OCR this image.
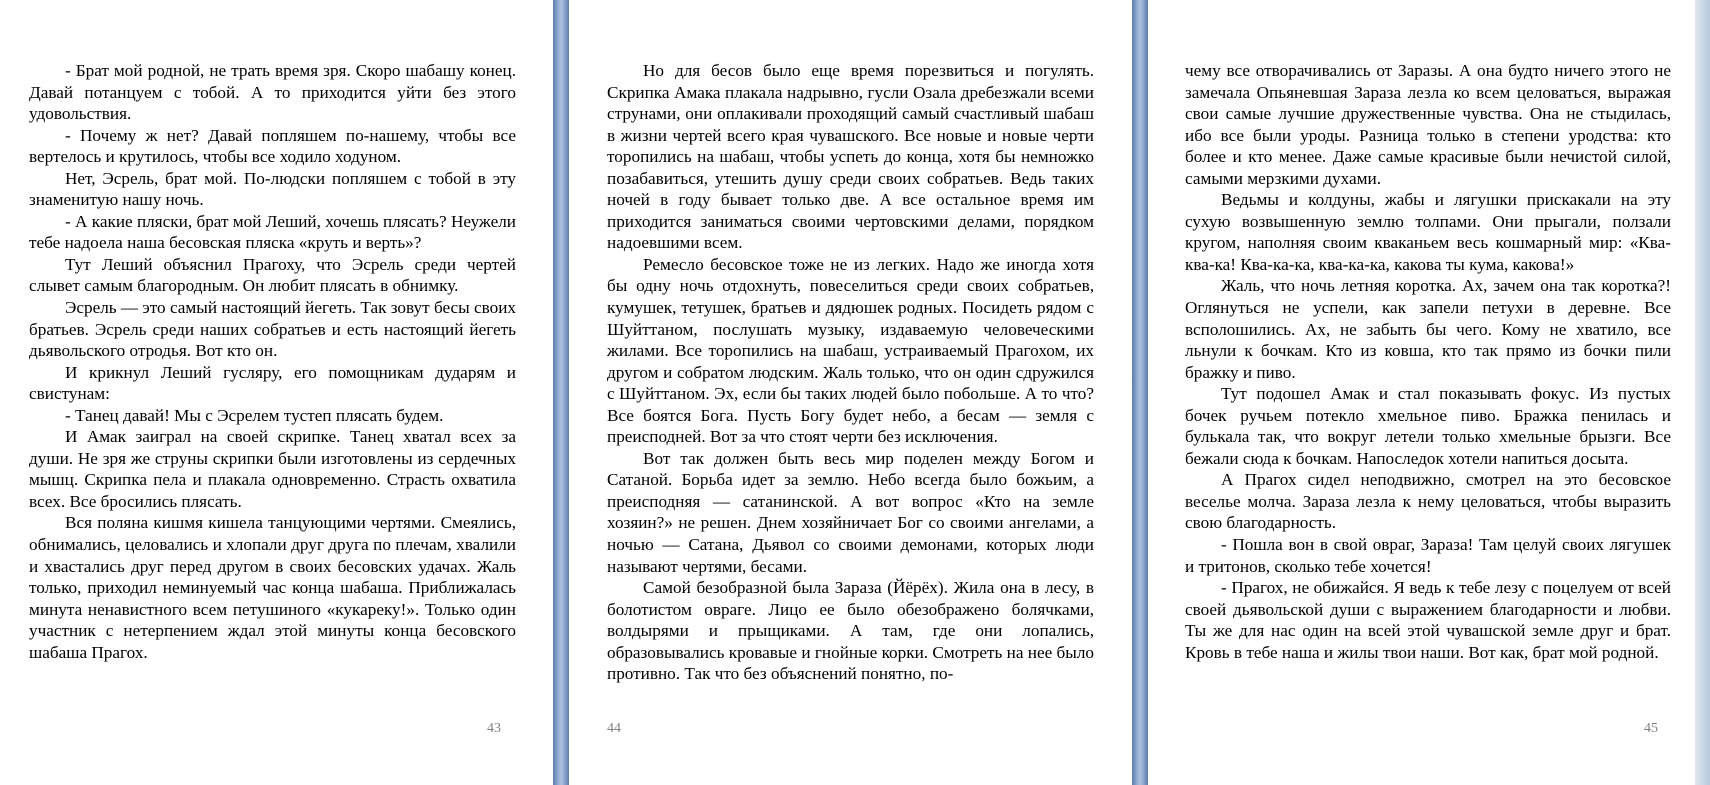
- Брат мой родной, не трать время зря. Скоро шабашу конец. Давай потанцуем с тобой. А то приходится уйти без этого удовольствия.

- Почему ж нет? Давай попляшем по-нашему, чтобы все вертелось и крутилось, чтобы все ходило ходуном.

Нет, Эсрель, брат мой. По-людски попляшем с тобой в эту знаменитую нашу ночь.

- А какие пляски, брат мой Леший, хочешь плясать? Неужели тебе надоела наша бесовская пляска «круть и верть»?

Тут Леший объяснил Прагоху, что Эсрель среди чертей слывет самым благородным. Он любит плясать в обнимку.

Эсрель — это самый настоящий йегеть. Так зовут бесы своих братьев. Эсрель среди наших собратьев и есть настоящий йегеть дьявольского отродья. Вот кто он.

И крикнул Леший гусляру, его помощникам дударям и свистунам:

- Танец давай! Мы с Эсрелем тустеп плясать будем.

И Амак заиграл на своей скрипке. Танец хватал всех за души. Не зря же струны скрипки были изготовлены из сердечных мышц. Скрипка пела и плакала одновременно. Страсть охватила всех. Все бросились плясать.

Вся поляна кишмя кишела танцующими чертями. Смеялись, обнимались, целовались и хлопали друг друга по плечам, хвалили и хвастались друг перед другом в своих бесовских удачах. Жаль только, приходил неминуемый час конца шабаша. Приближалась минута ненавистного всем петушиного «кукареку!». Только один участник с нетерпением ждал этой минуты конца бесовского шабаша Прагох.

43

Но для бесов было еще время порезвиться и погулять. Скрипка Амака плакала надрывно, гусли Озала дребезжали всеми струнами, они оплакивали проходящий самый счастливый шабаш в жизни чертей всего края чувашского. Все новые и новые черти торопились на шабаш, чтобы успеть до конца, хотя бы немножко позабавиться, утешить душу среди своих собратьев. Ведь таких ночей в году бывает только две. А все остальное время им приходится заниматься своими чертовскими делами, порядком надоевшими всем.

Ремесло бесовское тоже не из легких. Надо же иногда хотя бы одну ночь отдохнуть, повеселиться среди своих собратьев, кумушек, тетушек, братьев и дядюшек родных. Посидеть рядом с Шуйттаном, послушать музыку, издаваемую человеческими жилами. Все торопились на шабаш, устраиваемый Прагохом, их другом и собратом людским. Жаль только, что он один сдружился с Шуйттаном. Эх, если бы таких людей было побольше. А то что? Все боятся Бога. Пусть Богу будет небо, а бесам — земля с преисподней. Вот за что стоят черти без исключения.

Вот так должен быть весь мир поделен между Богом и Сатаной. Борьба идет за землю. Небо всегда было божьим, а преисподняя — сатанинской. А вот вопрос «Кто на земле хозяин?» не решен. Днем хозяйничает Бог со своими ангелами, а ночью — Сатана, Дьявол со своими демонами, которых люди называют чертями, бесами.

Самой безобразной была Зараза (Йёрёх). Жила она в лесу, в болотистом овраге. Лицо ее было обезображено болячками, волдырями и прыщиками. А там, где они лопались, образовывались кровавые и гнойные корки. Смотреть на нее было противно. Так что без объяснений понятно, по-

44

чему все отворачивались от Заразы. А она будто ничего этого не замечала Опьяневшая Зараза лезла ко всем целоваться, выражая свои самые лучшие дружественные чувства. Она не стыдилась, ибо все были уроды. Разница только в степени уродства: кто более и кто менее. Даже самые красивые были нечистой силой, самыми мерзкими духами.

Ведьмы и колдуны, жабы и лягушки прискакали на эту сухую возвышенную землю толпами. Они прыгали, ползали кругом, наполняя своим кваканьем весь кошмарный мир: «Ква-ква-ка! Ква-ка-ка, ква-ка-ка, какова ты кума, какова!»

Жаль, что ночь летняя коротка. Ах, зачем она так коротка?! Оглянуться не успели, как запели петухи в деревне. Все всполошились. Ах, не забыть бы чего. Кому не хватило, все льнули к бочкам. Кто из ковша, кто так прямо из бочки пили бражку и пиво.

Тут подошел Амак и стал показывать фокус. Из пустых бочек ручьем потекло хмельное пиво. Бражка пенилась и булькала так, что вокруг летели только хмельные брызги. Все бежали сюда к бочкам. Напоследок хотели напиться досыта.

А Прагох сидел неподвижно, смотрел на это бесовское веселье молча. Зараза лезла к нему целоваться, чтобы выразить свою благодарность.

- Пошла вон в свой овраг, Зараза! Там целуй своих лягушек и тритонов, сколько тебе хочется!

- Прагох, не обижайся. Я ведь к тебе лезу с поцелуем от всей своей дьявольской души с выражением благодарности и любви. Ты же для нас один на всей этой чувашской земле друг и брат. Кровь в тебе наша и жилы твои наши. Вот как, брат мой родной.

45
